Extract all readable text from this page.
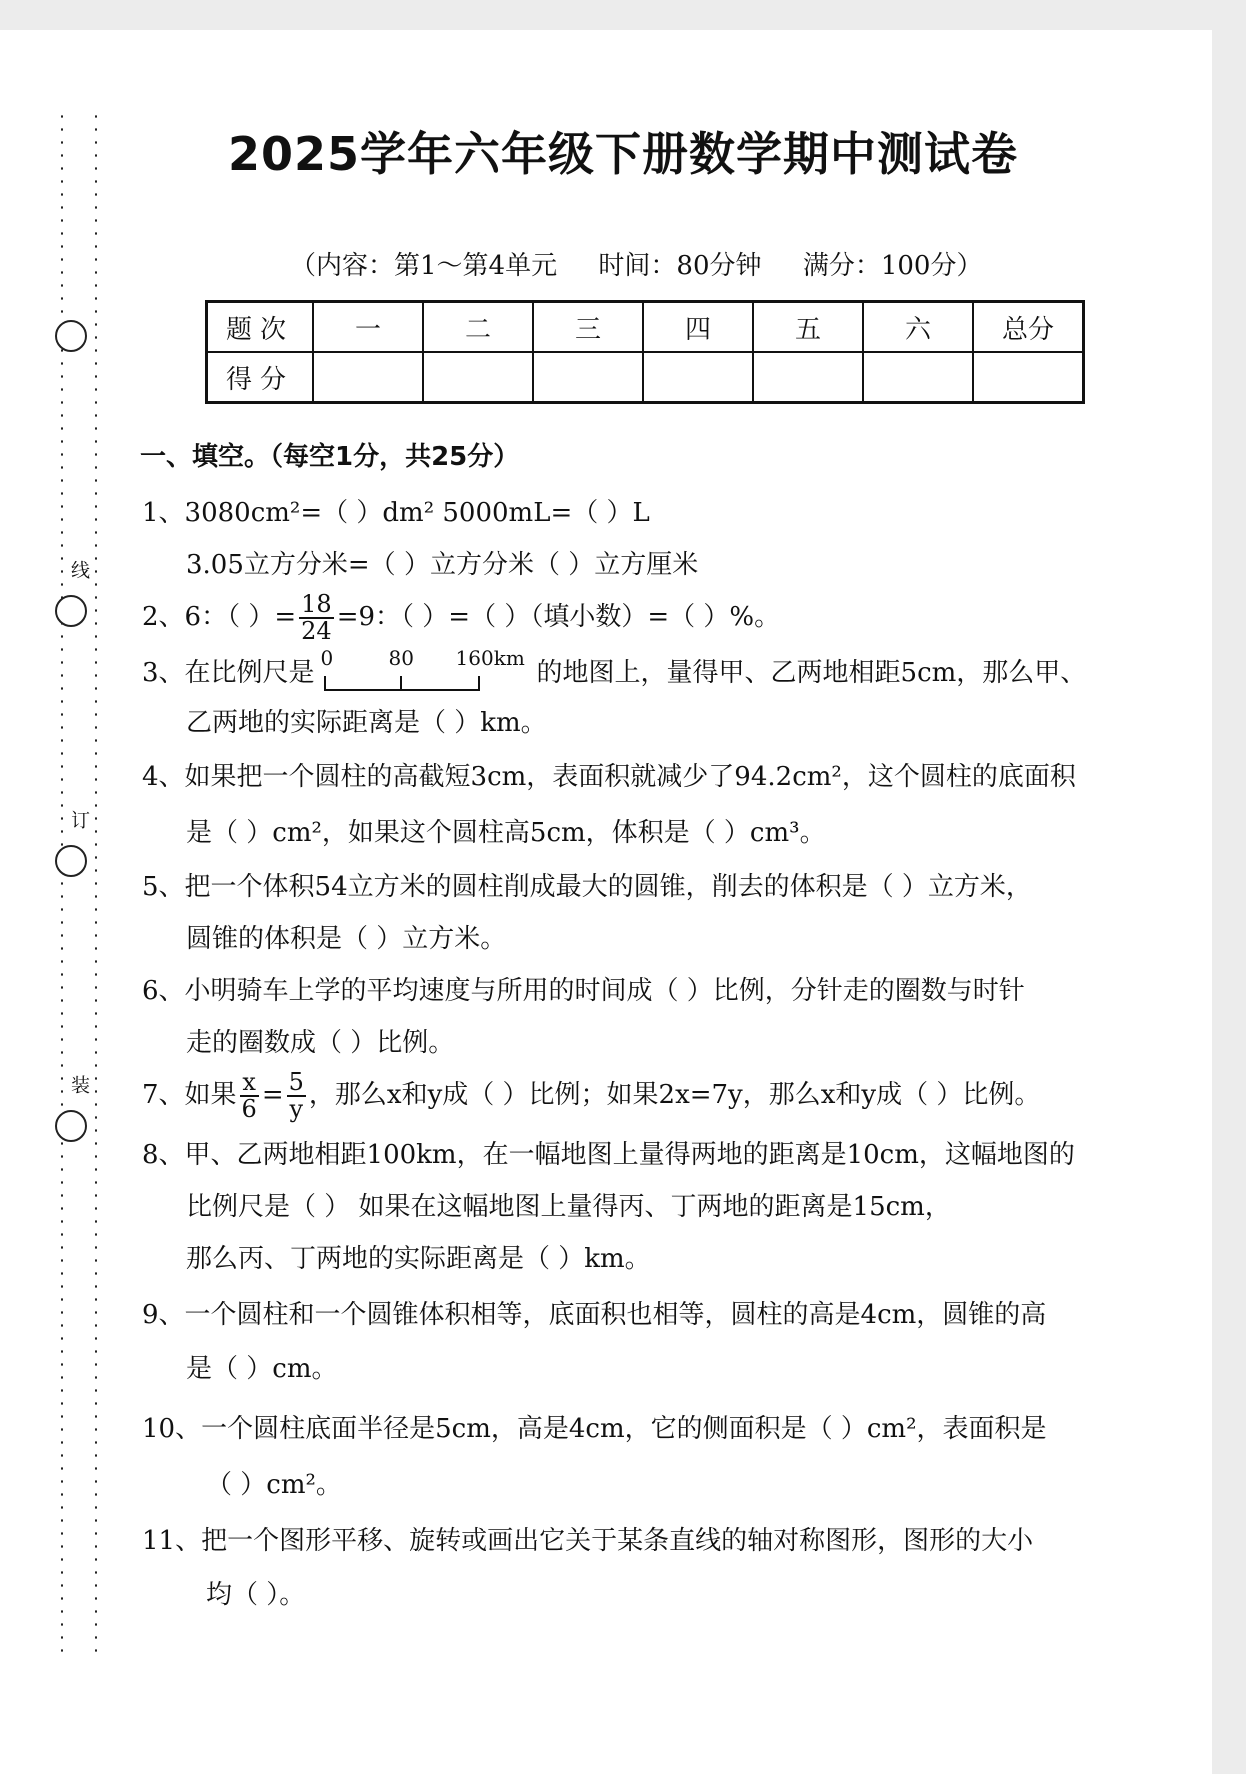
线
订
装
2025学年六年级下册数学期中测试卷
（内容：第1～第4单元     时间：80分钟     满分：100分）
题次	一	二	三	四	五	六	总分
得分							
一、填空。（每空1分，共25分）
1、3080cm²=（ ）dm² 5000mL=（ ）L
3.05立方分米=（ ）立方分米（ ）立方厘米
2、6：（ ）= $\frac{18}{24} =9$：（ ）=（ ）（填小数）=（ ）%。
3、在比例尺是 0	80 160km 的地图上，量得甲、乙两地相距5cm，那么甲、
乙两地的实际距离是（ ）km。
4、如果把一个圆柱的高截短3cm，表面积就减少了94.2cm²，这个圆柱的底面积
是（ ）cm²，如果这个圆柱高5cm，体积是（ ）cm³。
5、把一个体积54立方米的圆柱削成最大的圆锥，削去的体积是（ ）立方米，
圆锥的体积是（ ）立方米。
6、小明骑车上学的平均速度与所用的时间成（ ）比例，分针走的圈数与时针
走的圈数成（ ）比例。
7、如果 $\frac{x}{6} = \frac{5}{y}$ ，那么x和y成（ ）比例；如果2x=7y，那么x和y成（ ）比例。
8、甲、乙两地相距100km，在一幅地图上量得两地的距离是10cm，这幅地图的
比例尺是（ ） 如果在这幅地图上量得丙、丁两地的距离是15cm，
那么丙、丁两地的实际距离是（ ）km。
9、一个圆柱和一个圆锥体积相等，底面积也相等，圆柱的高是4cm，圆锥的高
是（ ）cm。
10、一个圆柱底面半径是5cm，高是4cm，它的侧面积是（ ）cm²，表面积是
（ ）cm²。
11、把一个图形平移、旋转或画出它关于某条直线的轴对称图形，图形的大小
均（ ）。
